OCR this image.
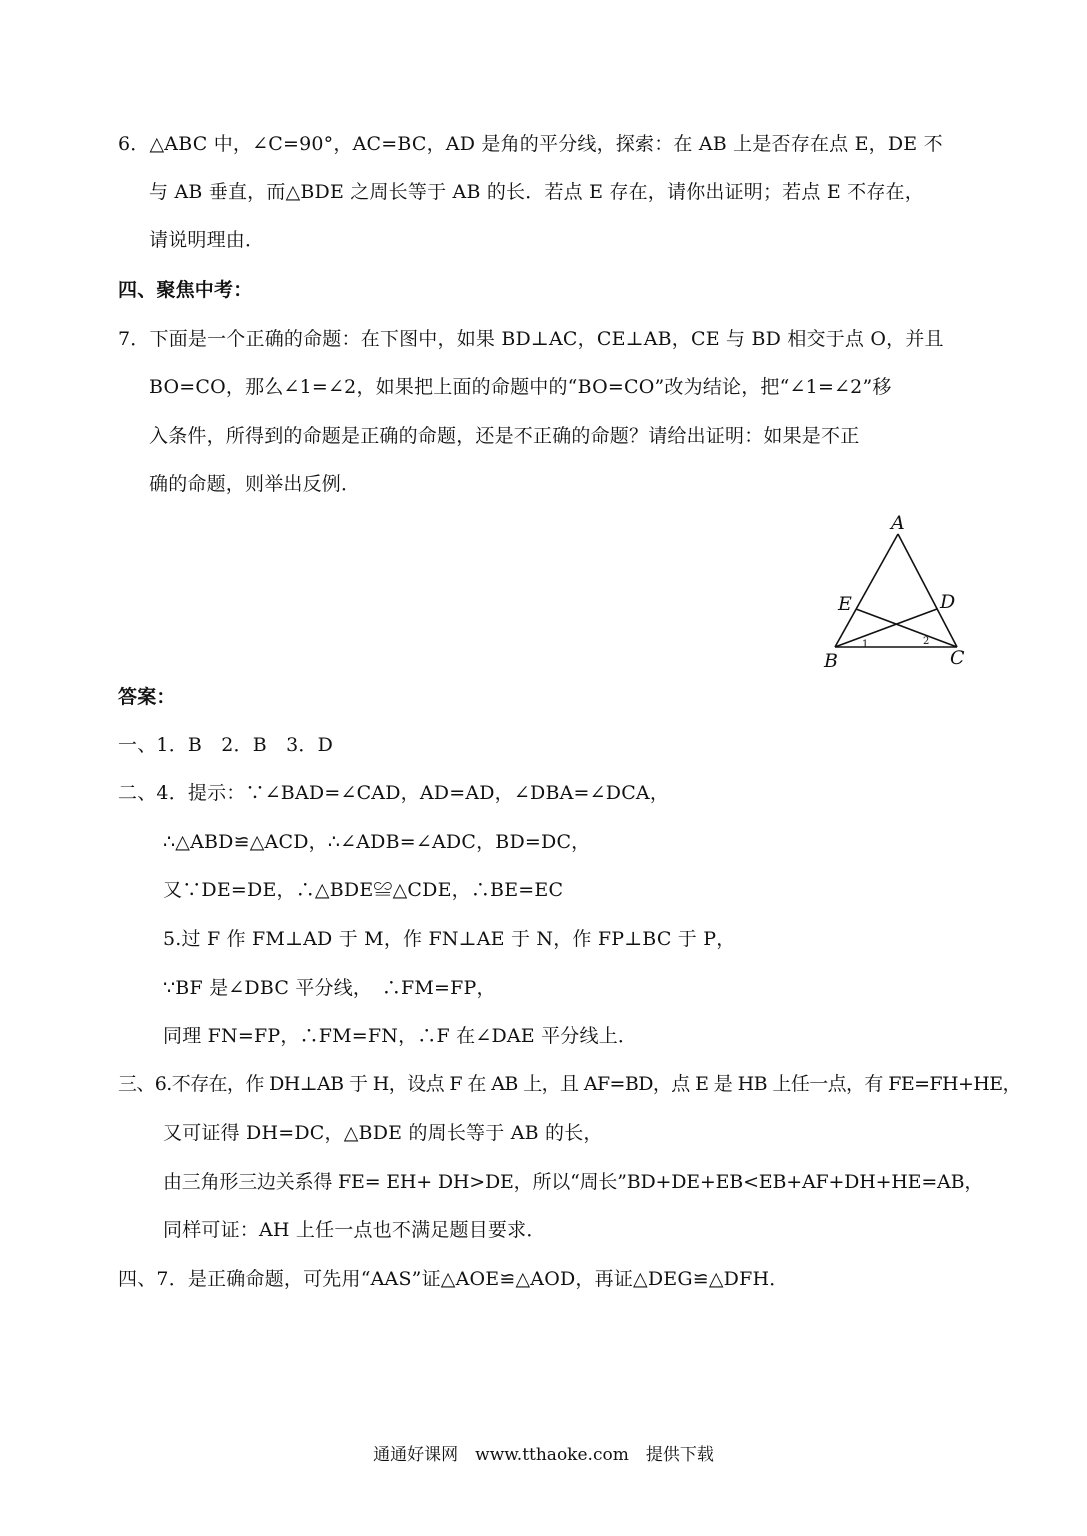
6．△ABC 中，∠C=90°，AC=BC，AD 是角的平分线，探索：在 AB 上是否存在点 E，DE 不
与 AB 垂直，而△BDE 之周长等于 AB 的长．若点 E 存在，请你出证明；若点 E 不存在，
请说明理由．
四、聚焦中考：
7．下面是一个正确的命题：在下图中，如果 BD⊥AC，CE⊥AB，CE 与 BD 相交于点 O，并且
BO=CO，那么∠1=∠2，如果把上面的命题中的“BO=CO”改为结论，把“∠1=∠2”移
入条件，所得到的命题是正确的命题，还是不正确的命题？请给出证明：如果是不正
确的命题，则举出反例．
A
E	D
B	C
1	2
答案：
一、1．B　2．B　3．D
二、4．提示：∵∠BAD=∠CAD，AD=AD，∠DBA=∠DCA，
∴△ABD≌△ACD，∴∠ADB=∠ADC，BD=DC，
又∵DE=DE，∴△BDE≌△CDE，∴BE=EC
5.过 F 作 FM⊥AD 于 M，作 FN⊥AE 于 N，作 FP⊥BC 于 P，
∵BF 是∠DBC 平分线，　∴FM=FP，
同理 FN=FP，∴FM=FN，∴F 在∠DAE 平分线上．
三、6.不存在，作 DH⊥AB 于 H，设点 F 在 AB 上，且 AF=BD，点 E 是 HB 上任一点，有 FE=FH+HE，
又可证得 DH=DC，△BDE 的周长等于 AB 的长，
由三角形三边关系得 FE= EH+ DH>DE，所以“周长”BD+DE+EB<EB+AF+DH+HE=AB，
同样可证：AH 上任一点也不满足题目要求．
四、7．是正确命题，可先用“AAS”证△AOE≌△AOD，再证△DEG≌△DFH．
通通好课网　www.tthaoke.com　提供下载
